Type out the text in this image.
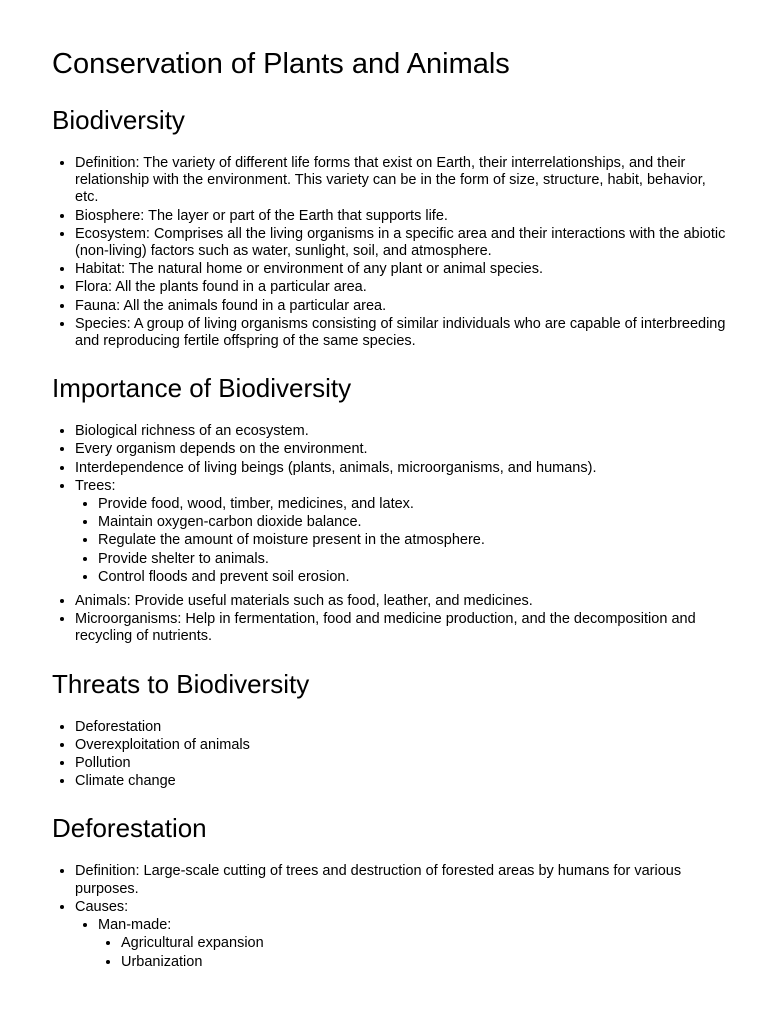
Conservation of Plants and Animals
Biodiversity
• Definition: The variety of different life forms that exist on Earth, their interrelationships, and their relationship with the environment. This variety can be in the form of size, structure, habit, behavior, etc.
• Biosphere: The layer or part of the Earth that supports life.
• Ecosystem: Comprises all the living organisms in a specific area and their interactions with the abiotic (non-living) factors such as water, sunlight, soil, and atmosphere.
• Habitat: The natural home or environment of any plant or animal species.
• Flora: All the plants found in a particular area.
• Fauna: All the animals found in a particular area.
• Species: A group of living organisms consisting of similar individuals who are capable of interbreeding and reproducing fertile offspring of the same species.
Importance of Biodiversity
• Biological richness of an ecosystem.
• Every organism depends on the environment.
• Interdependence of living beings (plants, animals, microorganisms, and humans).
• Trees:
• Provide food, wood, timber, medicines, and latex.
• Maintain oxygen-carbon dioxide balance.
• Regulate the amount of moisture present in the atmosphere.
• Provide shelter to animals.
• Control floods and prevent soil erosion.
• Animals: Provide useful materials such as food, leather, and medicines.
• Microorganisms: Help in fermentation, food and medicine production, and the decomposition and recycling of nutrients.
Threats to Biodiversity
• Deforestation
• Overexploitation of animals
• Pollution
• Climate change
Deforestation
• Definition: Large-scale cutting of trees and destruction of forested areas by humans for various purposes.
• Causes:
• Man-made:
• Agricultural expansion
• Urbanization
